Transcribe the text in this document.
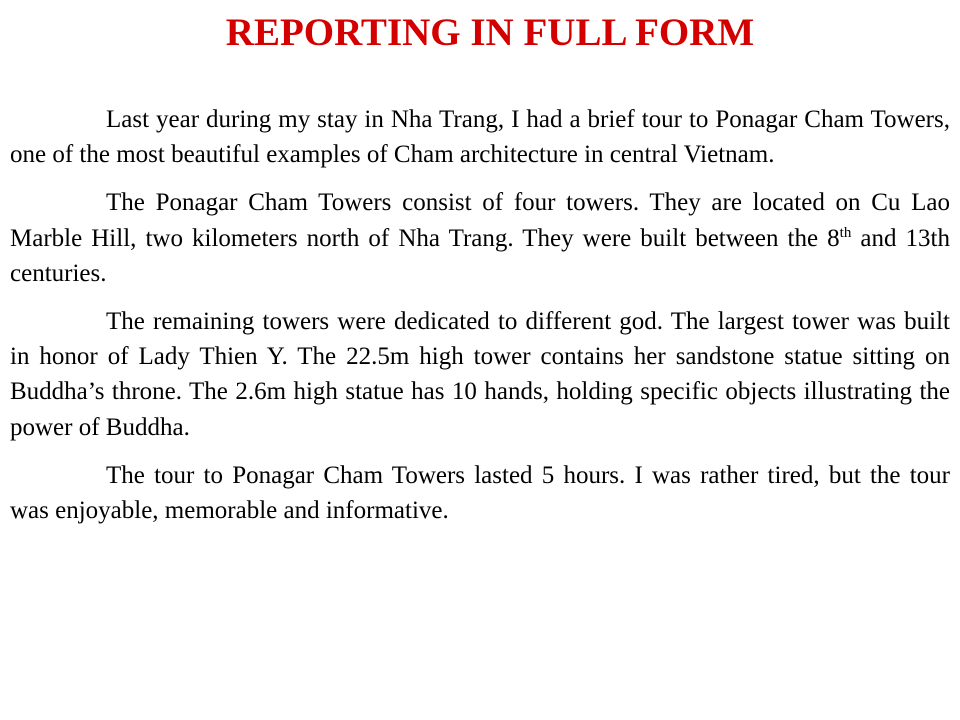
REPORTING IN FULL FORM

Last year during my stay in Nha Trang, I had a brief tour to Ponagar Cham Towers, one of the most beautiful examples of Cham architecture in central Vietnam.

The Ponagar Cham Towers consist of four towers. They are located on Cu Lao Marble Hill, two kilometers north of Nha Trang. They were built between the 8th and 13th centuries.

The remaining towers were dedicated to different god. The largest tower was built in honor of Lady Thien Y. The 22.5m high tower contains her sandstone statue sitting on Buddha’s throne. The 2.6m high statue has 10 hands, holding specific objects illustrating the power of Buddha.

The tour to Ponagar Cham Towers lasted 5 hours. I was rather tired, but the tour was enjoyable, memorable and informative.
